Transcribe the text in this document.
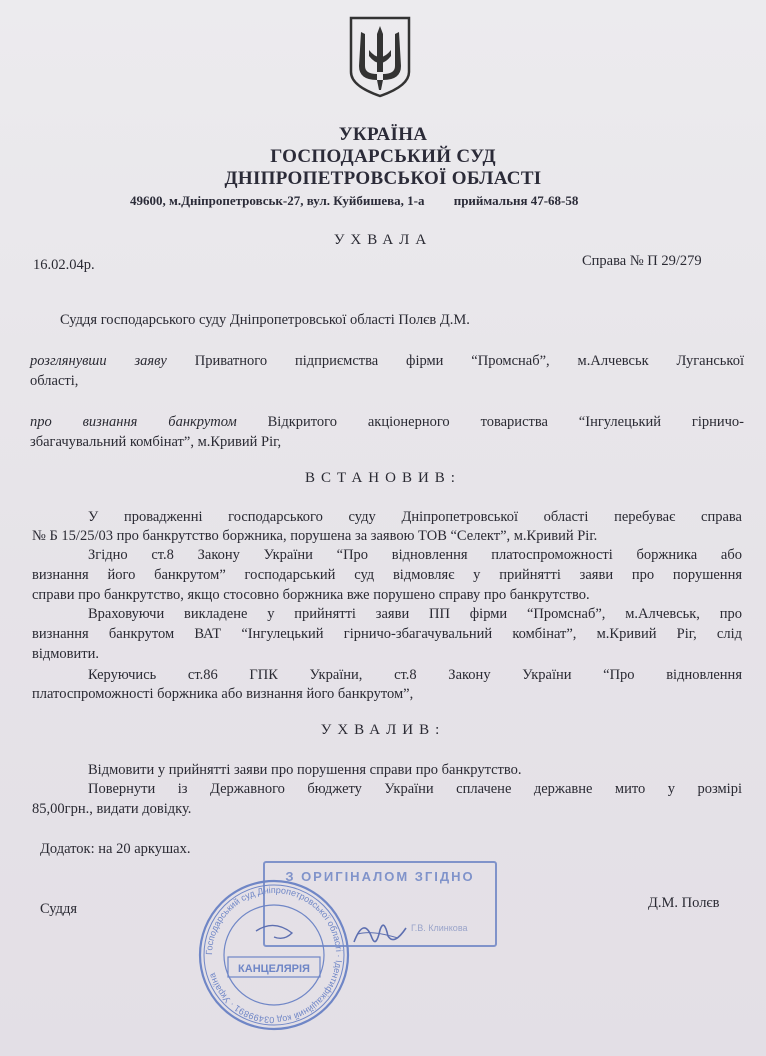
УКРАЇНА
ГОСПОДАРСЬКИЙ СУД
ДНІПРОПЕТРОВСЬКОЇ ОБЛАСТІ
49600, м.Дніпропетровськ-27, вул. Куйбишева, 1-а приймальня 47-68-58
УХВАЛА
16.02.04р.	Справа № П 29/279
Суддя господарського суду Дніпропетровської області Полєв Д.М.
розглянувши заяву Приватного підприємства фірми “Промснаб”, м.Алчевськ Луганської
області,
про визнання банкрутом Відкритого акціонерного товариства “Інгулецький гірничо-
збагачувальний комбінат”, м.Кривий Ріг,
ВСТАНОВИВ:
У провадженні господарського суду Дніпропетровської області перебуває справа
№ Б 15/25/03 про банкрутство боржника, порушена за заявою ТОВ “Селект”, м.Кривий Ріг.
Згідно ст.8 Закону України “Про відновлення платоспроможності боржника або
визнання його банкрутом” господарський суд відмовляє у прийнятті заяви про порушення
справи про банкрутство, якщо стосовно боржника вже порушено справу про банкрутство.
Враховуючи викладене у прийнятті заяви ПП фірми “Промснаб”, м.Алчевськ, про
визнання банкрутом ВАТ “Інгулецький гірничо-збагачувальний комбінат”, м.Кривий Ріг, слід
відмовити.
Керуючись ст.86 ГПК України, ст.8 Закону України “Про відновлення
платоспроможності боржника або визнання його банкрутом”,
УХВАЛИВ:
Відмовити у прийнятті заяви про порушення справи про банкрутство.
Повернути із Державного бюджету України сплачене державне мито у розмірі
85,00грн., видати довідку.
Додаток: на 20 аркушах.
Суддя	Д.М. Полєв
З ОРИГІНАЛОМ ЗГІДНО
Г.В. Клинкова
Господарський суд Дніпропетровської області · Ідентифікаційний код 03499891 · Україна
КАНЦЕЛЯРІЯ
